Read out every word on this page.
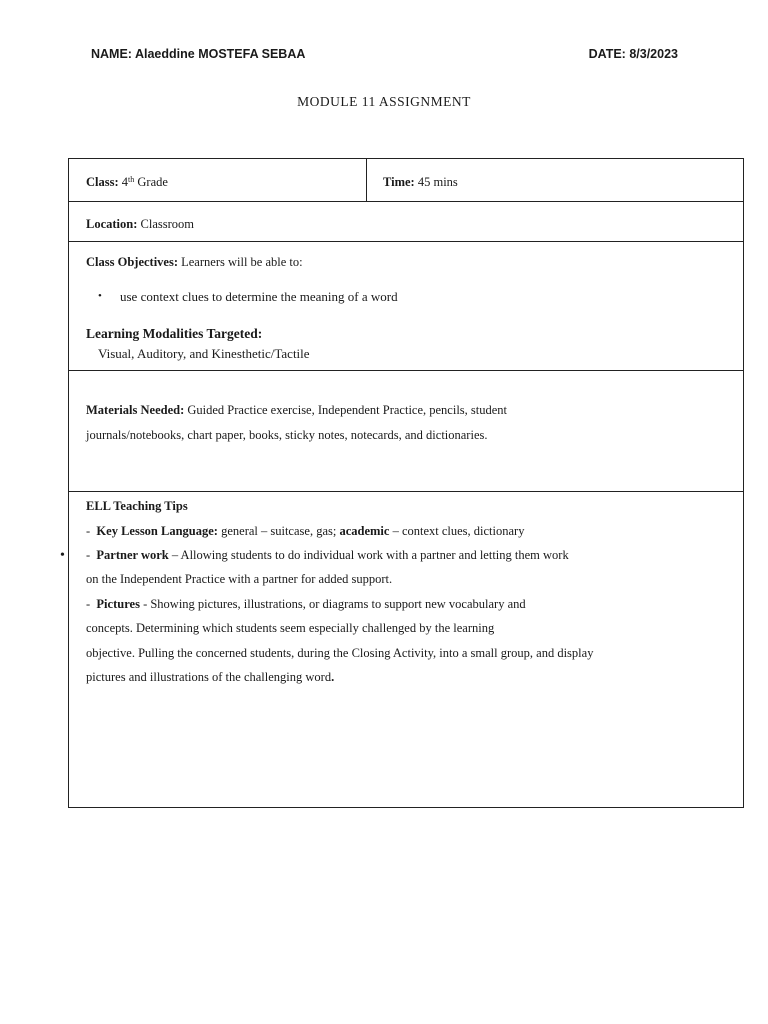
NAME: Alaeddine MOSTEFA SEBAA	DATE: 8/3/2023
MODULE 11 ASSIGNMENT
•
Class: 4th Grade	Time: 45 mins
Location: Classroom
Class Objectives: Learners will be able to:
• use context clues to determine the meaning of a word
Learning Modalities Targeted:
Visual, Auditory, and Kinesthetic/Tactile
Materials Needed: Guided Practice exercise, Independent Practice, pencils, student
journals/notebooks, chart paper, books, sticky notes, notecards, and dictionaries.
ELL Teaching Tips
- Key Lesson Language: general – suitcase, gas; academic – context clues, dictionary
- Partner work – Allowing students to do individual work with a partner and letting them work
on the Independent Practice with a partner for added support.
- Pictures - Showing pictures, illustrations, or diagrams to support new vocabulary and
concepts. Determining which students seem especially challenged by the learning
objective. Pulling the concerned students, during the Closing Activity, into a small group, and display
pictures and illustrations of the challenging word.
